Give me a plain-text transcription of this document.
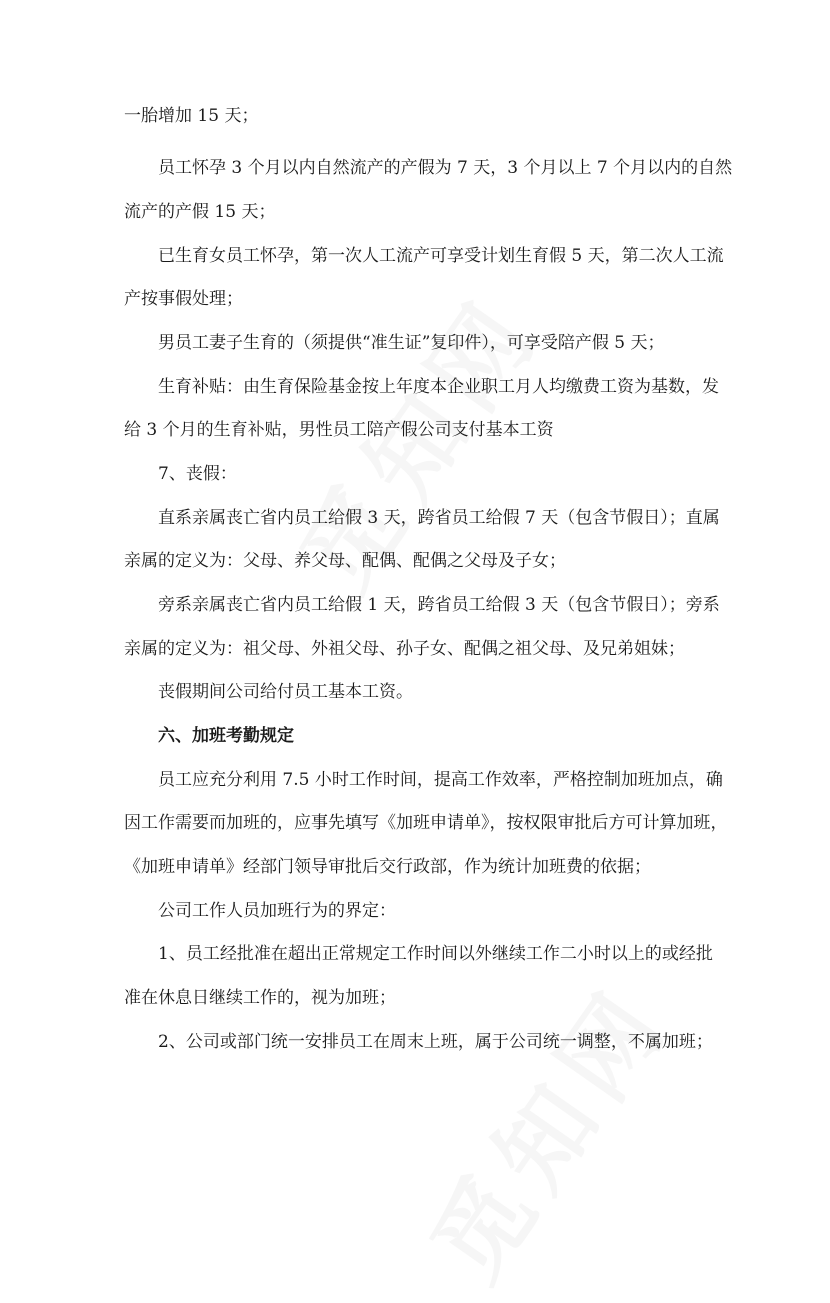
一胎增加 15 天；

员工怀孕 3 个月以内自然流产的产假为 7 天，3 个月以上 7 个月以内的自然

流产的产假 15 天；

已生育女员工怀孕，第一次人工流产可享受计划生育假 5 天，第二次人工流

产按事假处理；

男员工妻子生育的（须提供“准生证”复印件），可享受陪产假 5 天；

生育补贴：由生育保险基金按上年度本企业职工月人均缴费工资为基数，发

给 3 个月的生育补贴，男性员工陪产假公司支付基本工资

7、丧假：

直系亲属丧亡省内员工给假 3 天，跨省员工给假 7 天（包含节假日）；直属

亲属的定义为：父母、养父母、配偶、配偶之父母及子女；

旁系亲属丧亡省内员工给假 1 天，跨省员工给假 3 天（包含节假日）；旁系

亲属的定义为：祖父母、外祖父母、孙子女、配偶之祖父母、及兄弟姐妹；

丧假期间公司给付员工基本工资。

六、加班考勤规定

员工应充分利用 7.5 小时工作时间，提高工作效率，严格控制加班加点，确

因工作需要而加班的，应事先填写《加班申请单》，按权限审批后方可计算加班，

《加班申请单》经部门领导审批后交行政部，作为统计加班费的依据；

公司工作人员加班行为的界定：

1、员工经批准在超出正常规定工作时间以外继续工作二小时以上的或经批

准在休息日继续工作的，视为加班；

2、公司或部门统一安排员工在周末上班，属于公司统一调整，不属加班；
